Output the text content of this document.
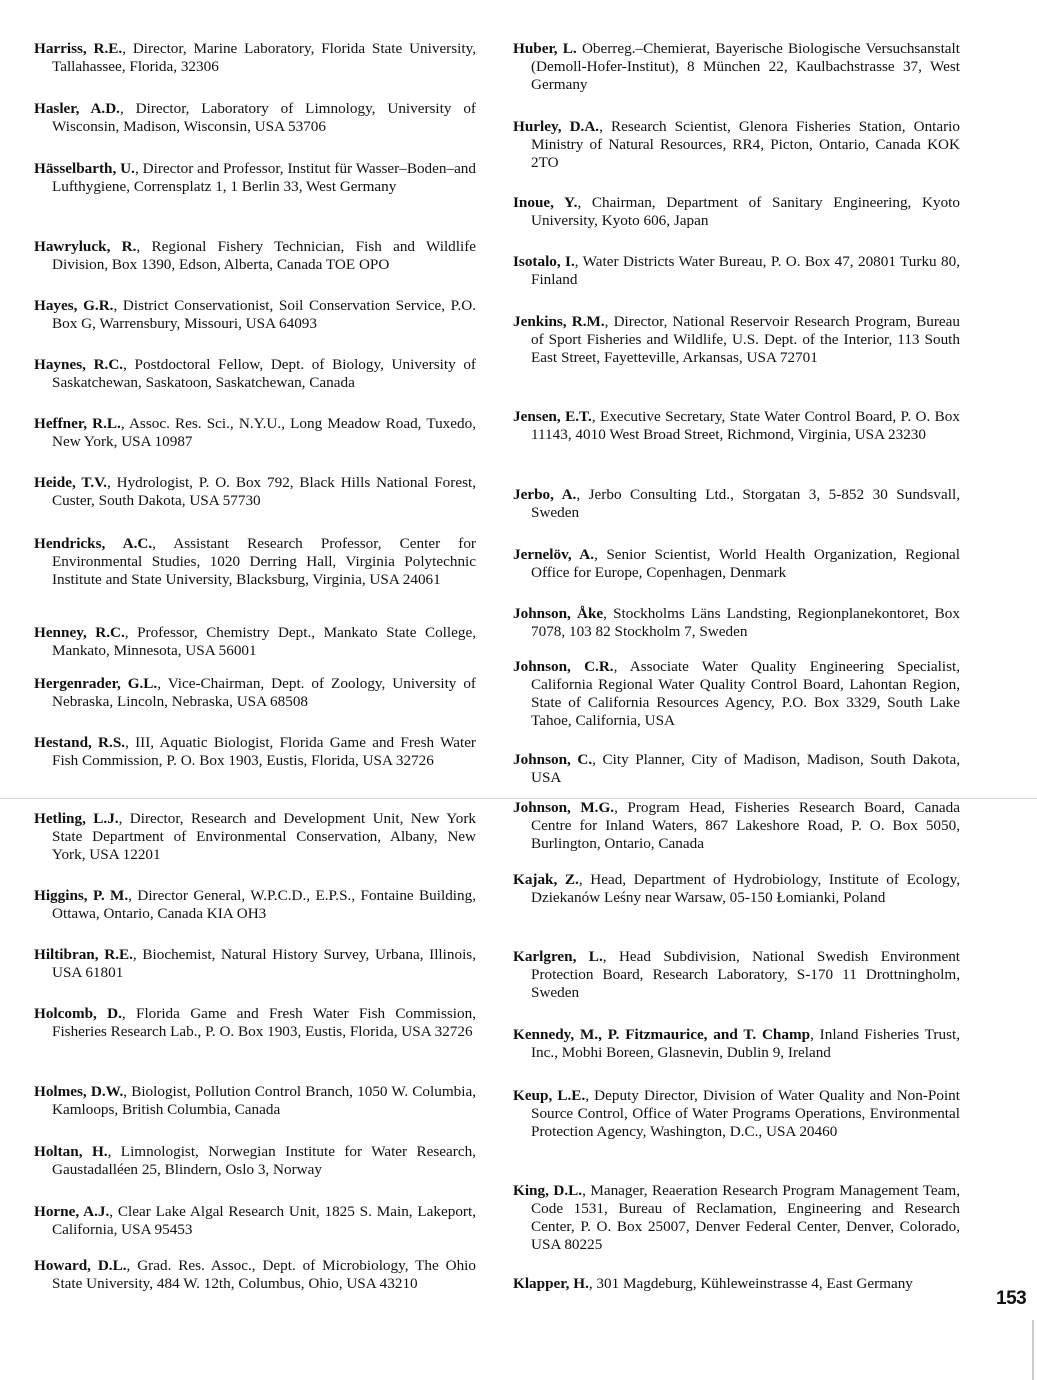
Harriss, R.E., Director, Marine Laboratory, Florida State University, Tallahassee, Florida, 32306
Hasler, A.D., Director, Laboratory of Limnology, University of Wisconsin, Madison, Wisconsin, USA 53706
Hässelbarth, U., Director and Professor, Institut für Wasser–Boden–and Lufthygiene, Corrensplatz 1, 1 Berlin 33, West Germany
Hawryluck, R., Regional Fishery Technician, Fish and Wildlife Division, Box 1390, Edson, Alberta, Canada TOE OPO
Hayes, G.R., District Conservationist, Soil Conservation Service, P.O. Box G, Warrensbury, Missouri, USA 64093
Haynes, R.C., Postdoctoral Fellow, Dept. of Biology, University of Saskatchewan, Saskatoon, Saskatchewan, Canada
Heffner, R.L., Assoc. Res. Sci., N.Y.U., Long Meadow Road, Tuxedo, New York, USA 10987
Heide, T.V., Hydrologist, P. O. Box 792, Black Hills National Forest, Custer, South Dakota, USA 57730
Hendricks, A.C., Assistant Research Professor, Center for Environmental Studies, 1020 Derring Hall, Virginia Polytechnic Institute and State University, Blacksburg, Virginia, USA 24061
Henney, R.C., Professor, Chemistry Dept., Mankato State College, Mankato, Minnesota, USA 56001
Hergenrader, G.L., Vice-Chairman, Dept. of Zoology, University of Nebraska, Lincoln, Nebraska, USA 68508
Hestand, R.S., III, Aquatic Biologist, Florida Game and Fresh Water Fish Commission, P. O. Box 1903, Eustis, Florida, USA 32726
Hetling, L.J., Director, Research and Development Unit, New York State Department of Environmental Conservation, Albany, New York, USA 12201
Higgins, P. M., Director General, W.P.C.D., E.P.S., Fontaine Building, Ottawa, Ontario, Canada KIA OH3
Hiltibran, R.E., Biochemist, Natural History Survey, Urbana, Illinois, USA 61801
Holcomb, D., Florida Game and Fresh Water Fish Commission, Fisheries Research Lab., P. O. Box 1903, Eustis, Florida, USA 32726
Holmes, D.W., Biologist, Pollution Control Branch, 1050 W. Columbia, Kamloops, British Columbia, Canada
Holtan, H., Limnologist, Norwegian Institute for Water Research, Gaustadalléen 25, Blindern, Oslo 3, Norway
Horne, A.J., Clear Lake Algal Research Unit, 1825 S. Main, Lakeport, California, USA 95453
Howard, D.L., Grad. Res. Assoc., Dept. of Microbiology, The Ohio State University, 484 W. 12th, Columbus, Ohio, USA 43210
Huber, L. Oberreg.–Chemierat, Bayerische Biologische Versuchsanstalt (Demoll-Hofer-Institut), 8 München 22, Kaulbachstrasse 37, West Germany
Hurley, D.A., Research Scientist, Glenora Fisheries Station, Ontario Ministry of Natural Resources, RR4, Picton, Ontario, Canada KOK 2TO
Inoue, Y., Chairman, Department of Sanitary Engineering, Kyoto University, Kyoto 606, Japan
Isotalo, I., Water Districts Water Bureau, P. O. Box 47, 20801 Turku 80, Finland
Jenkins, R.M., Director, National Reservoir Research Program, Bureau of Sport Fisheries and Wildlife, U.S. Dept. of the Interior, 113 South East Street, Fayetteville, Arkansas, USA 72701
Jensen, E.T., Executive Secretary, State Water Control Board, P. O. Box 11143, 4010 West Broad Street, Richmond, Virginia, USA 23230
Jerbo, A., Jerbo Consulting Ltd., Storgatan 3, 5-852 30 Sundsvall, Sweden
Jernelöv, A., Senior Scientist, World Health Organization, Regional Office for Europe, Copenhagen, Denmark
Johnson, Åke, Stockholms Läns Landsting, Regionplanekontoret, Box 7078, 103 82 Stockholm 7, Sweden
Johnson, C.R., Associate Water Quality Engineering Specialist, California Regional Water Quality Control Board, Lahontan Region, State of California Resources Agency, P.O. Box 3329, South Lake Tahoe, California, USA
Johnson, C., City Planner, City of Madison, Madison, South Dakota, USA
Johnson, M.G., Program Head, Fisheries Research Board, Canada Centre for Inland Waters, 867 Lakeshore Road, P. O. Box 5050, Burlington, Ontario, Canada
Kajak, Z., Head, Department of Hydrobiology, Institute of Ecology, Dziekanów Leśny near Warsaw, 05-150 Łomianki, Poland
Karlgren, L., Head Subdivision, National Swedish Environment Protection Board, Research Laboratory, S-170 11 Drottningholm, Sweden
Kennedy, M., P. Fitzmaurice, and T. Champ, Inland Fisheries Trust, Inc., Mobhi Boreen, Glasnevin, Dublin 9, Ireland
Keup, L.E., Deputy Director, Division of Water Quality and Non-Point Source Control, Office of Water Programs Operations, Environmental Protection Agency, Washington, D.C., USA 20460
King, D.L., Manager, Reaeration Research Program Management Team, Code 1531, Bureau of Reclamation, Engineering and Research Center, P. O. Box 25007, Denver Federal Center, Denver, Colorado, USA 80225
Klapper, H., 301 Magdeburg, Kühleweinstrasse 4, East Germany
153
